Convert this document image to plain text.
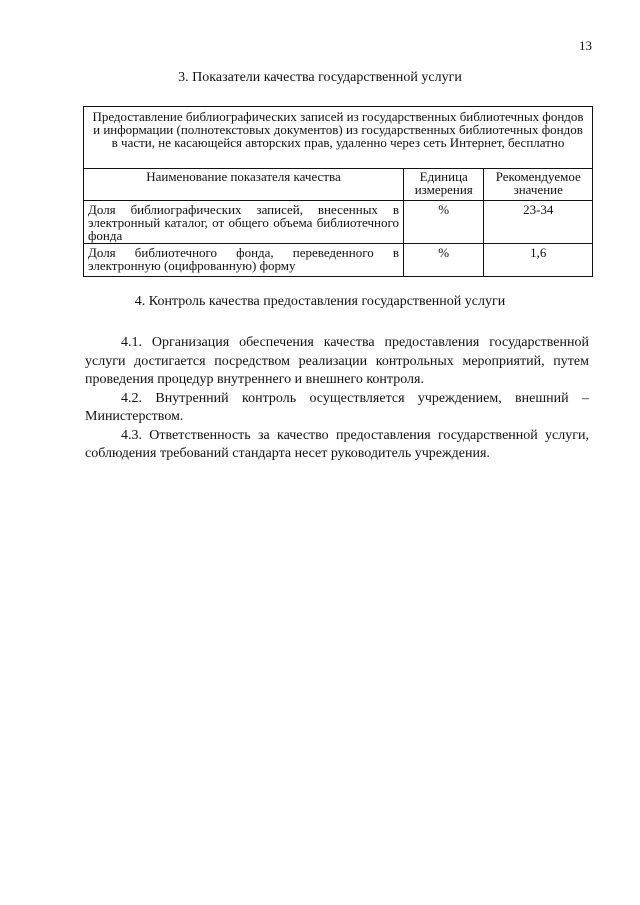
13
3. Показатели качества государственной услуги
Предоставление библиографических записей из государственных библиотечных фондов и информации (полнотекстовых документов) из государственных библиотечных фондов в части, не касающейся авторских прав, удаленно через сеть Интернет, бесплатно		
Наименование показателя качества	Единица измерения	Рекомендуемое значение
Доля библиографических записей, внесенных в электронный каталог, от общего объема библиотечного фонда	%	23-34
Доля библиотечного фонда, переведенного в электронную (оцифрованную) форму	%	1,6
4. Контроль качества предоставления государственной услуги

4.1. Организация обеспечения качества предоставления государственной услуги достигается посредством реализации контрольных мероприятий, путем проведения процедур внутреннего и внешнего контроля.

4.2. Внутренний контроль осуществляется учреждением, внешний – Министерством.

4.3. Ответственность за качество предоставления государственной услуги, соблюдения требований стандарта несет руководитель учреждения.
